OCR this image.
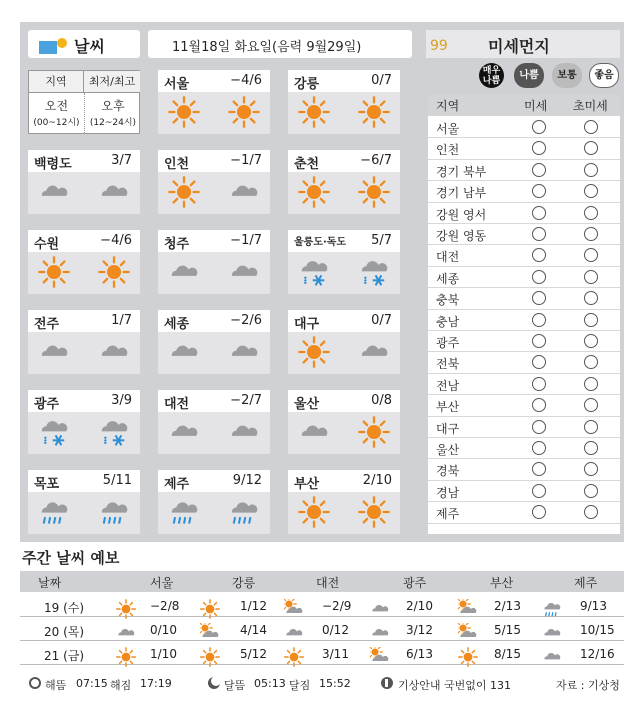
날씨	11월18일 화요일(음력 9월29일)	99	미세먼지
지역	최저/최고
오전
(00~12시)
오후
(12~24시)
서울	−4/6 강릉	0/7
백령도	3/7 인천	−1/7 춘천	−6/7
수원	−4/6 청주	−1/7	울릉도·독도 5/7
전주	1/7 세종	−2/6 대구	0/7
광주	3/9 대전	−2/7 울산	0/8
목포	5/11 제주	9/12 부산	2/10
매우나쁨	나쁨	보통	좋음
지역	미세 초미세
서울
인천
경기 북부
경기 남부
강원 영서
강원 영동
대전
세종
충북
충남
광주
전북
전남
부산
대구
울산
경북
경남
제주
주간 날씨 예보
날짜	서울	강릉	대전	광주	부산	제주
19 (수)	−2/8	1/12	−2/9	2/10	2/13	9/13
20 (목)	0/10	4/14	0/12	3/12	5/15	10/15
21 (금)	1/10	5/12	3/11	6/13	8/15	12/16
해뜸 07:15 해짐 17:19	달뜸 05:13 달짐 15:52	기상안내 국번없이 131	자료 : 기상청
